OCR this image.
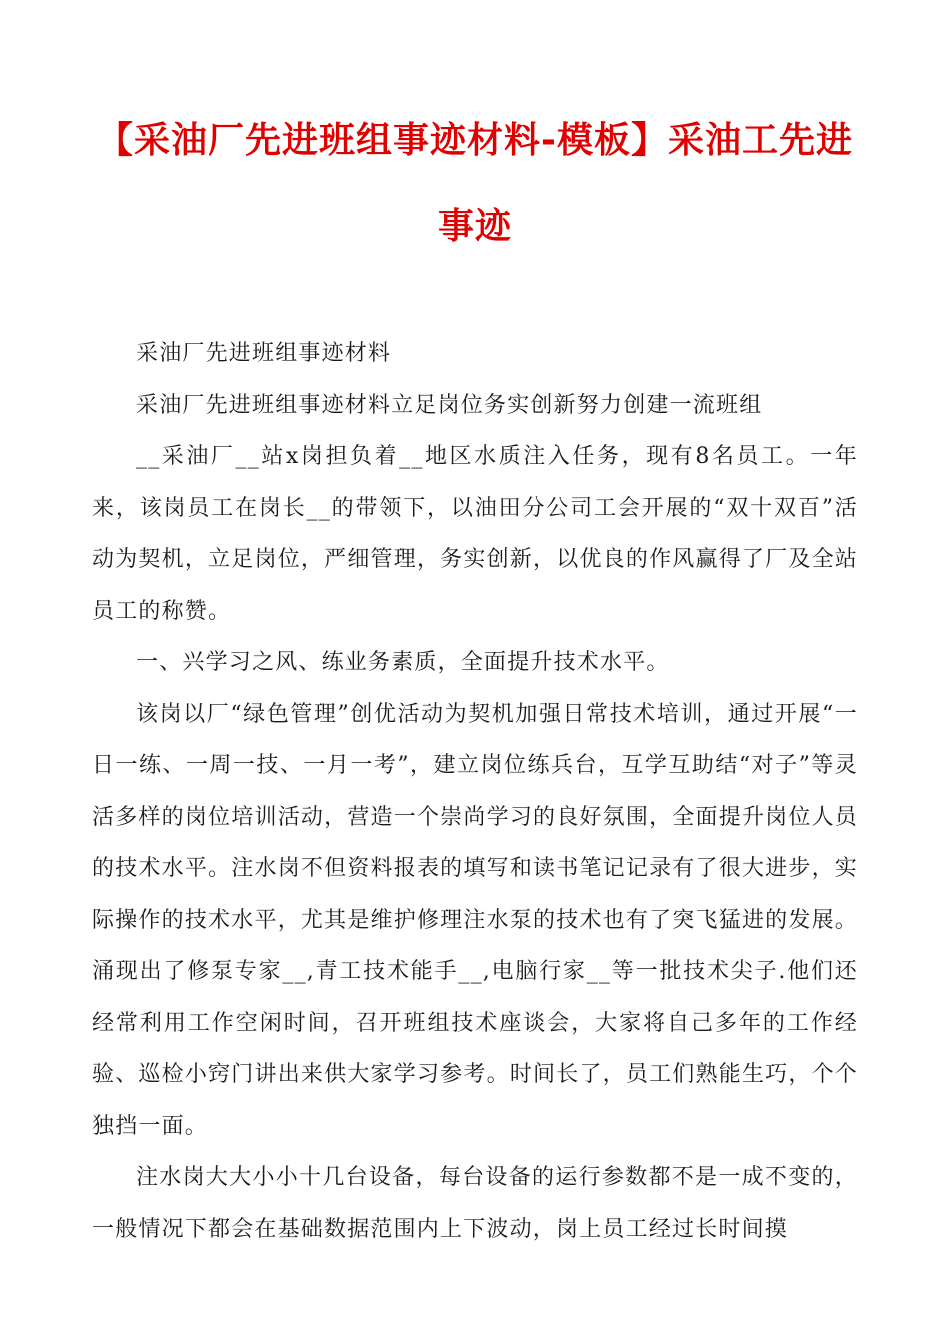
【采油厂先进班组事迹材料-模板】采油工先进事迹

采油厂先进班组事迹材料

采油厂先进班组事迹材料立足岗位务实创新努力创建一流班组

__采油厂__站x岗担负着__地区水质注入任务，现有8名员工。一年来，该岗员工在岗长__的带领下，以油田分公司工会开展的“双十双百”活动为契机，立足岗位，严细管理，务实创新，以优良的作风赢得了厂及全站员工的称赞。

一、兴学习之风、练业务素质，全面提升技术水平。

该岗以厂“绿色管理”创优活动为契机加强日常技术培训，通过开展“一日一练、一周一技、一月一考”，建立岗位练兵台，互学互助结“对子”等灵活多样的岗位培训活动，营造一个崇尚学习的良好氛围，全面提升岗位人员的技术水平。注水岗不但资料报表的填写和读书笔记记录有了很大进步，实际操作的技术水平，尤其是维护修理注水泵的技术也有了突飞猛进的发展。涌现出了修泵专家__,青工技术能手__,电脑行家__等一批技术尖子.他们还经常利用工作空闲时间，召开班组技术座谈会，大家将自己多年的工作经验、巡检小窍门讲出来供大家学习参考。时间长了，员工们熟能生巧，个个独挡一面。

注水岗大大小小十几台设备，每台设备的运行参数都不是一成不变的，一般情况下都会在基础数据范围内上下波动，岗上员工经过长时间摸
